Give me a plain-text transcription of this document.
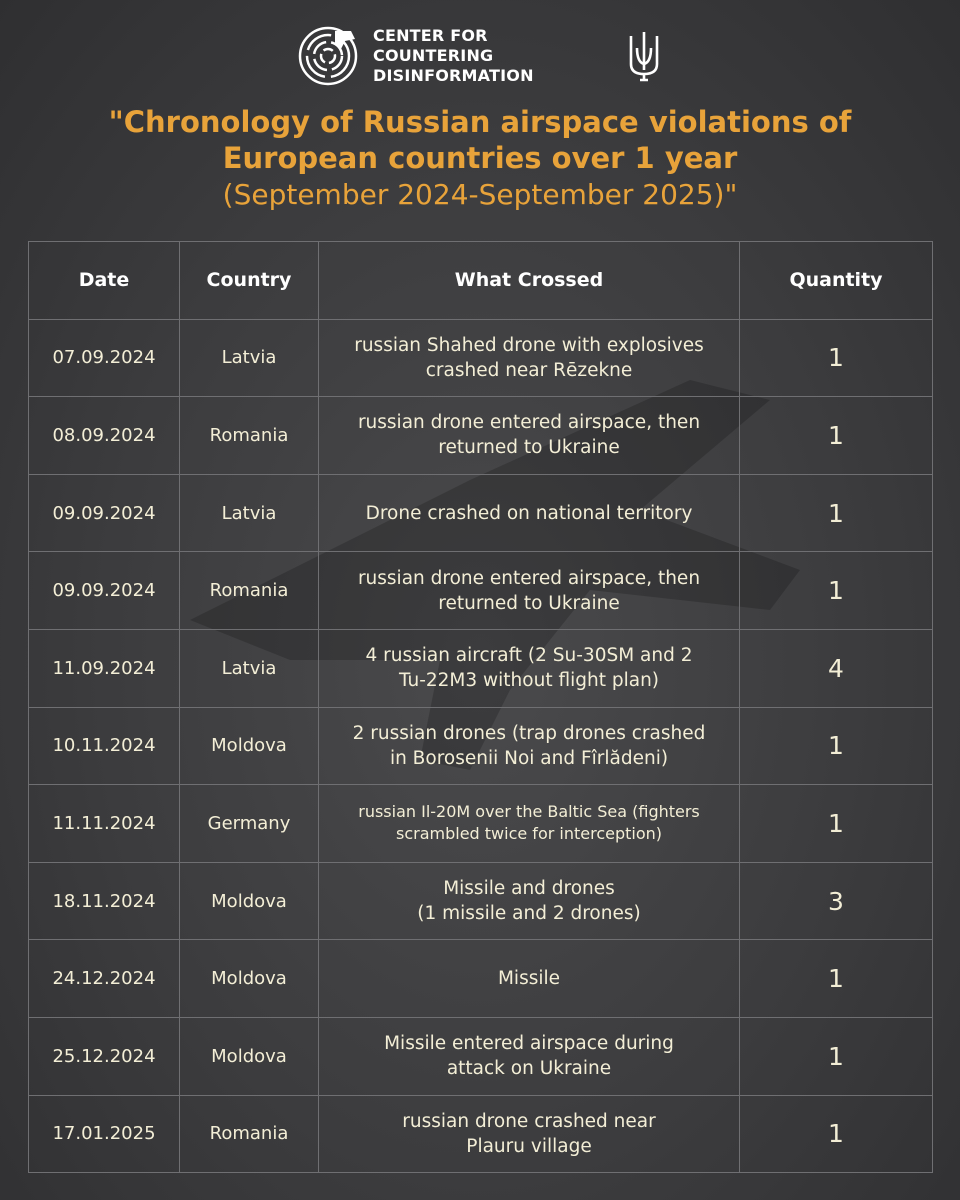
CENTER FOR COUNTERING
DISINFORMATION
"Chronology of Russian airspace violations of
European countries over 1 year
(September 2024-September 2025)"
Date	Country	What Crossed	Quantity
07.09.2024	Latvia	russian Shahed drone with explosives
crashed near Rēzekne	1
08.09.2024	Romania	russian drone entered airspace, then
returned to Ukraine	1
09.09.2024	Latvia	Drone crashed on national territory	1
09.09.2024	Romania	russian drone entered airspace, then
returned to Ukraine	1
11.09.2024	Latvia	4 russian aircraft (2 Su-30SM and 2
Tu-22M3 without flight plan)	4
10.11.2024	Moldova	2 russian drones (trap drones crashed
in Borosenii Noi and Fîrlădeni)	1
11.11.2024	Germany	russian Il-20M over the Baltic Sea (fighters
scrambled twice for interception)	1
18.11.2024	Moldova	Missile and drones
(1 missile and 2 drones)	3
24.12.2024	Moldova	Missile	1
25.12.2024	Moldova	Missile entered airspace during
attack on Ukraine	1
17.01.2025	Romania	russian drone crashed near
Plauru village	1
